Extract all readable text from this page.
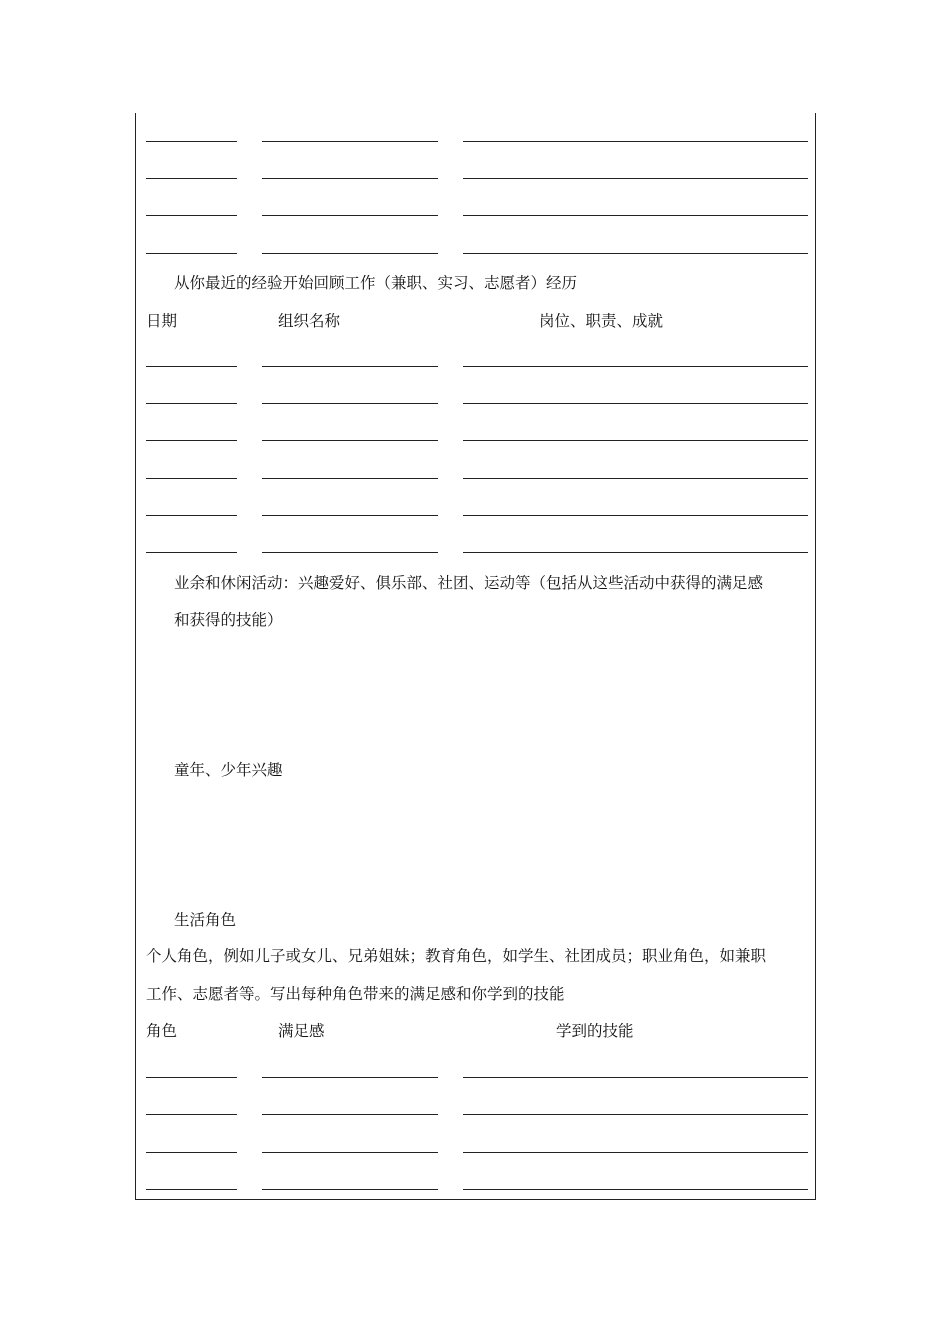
从你最近的经验开始回顾工作（兼职、实习、志愿者）经历
日期	组织名称	岗位、职责、成就
业余和休闲活动：兴趣爱好、俱乐部、社团、运动等（包括从这些活动中获得的满足感
和获得的技能）
童年、少年兴趣
生活角色
个人角色，例如儿子或女儿、兄弟姐妹；教育角色，如学生、社团成员；职业角色，如兼职
工作、志愿者等。写出每种角色带来的满足感和你学到的技能
角色	满足感	学到的技能
